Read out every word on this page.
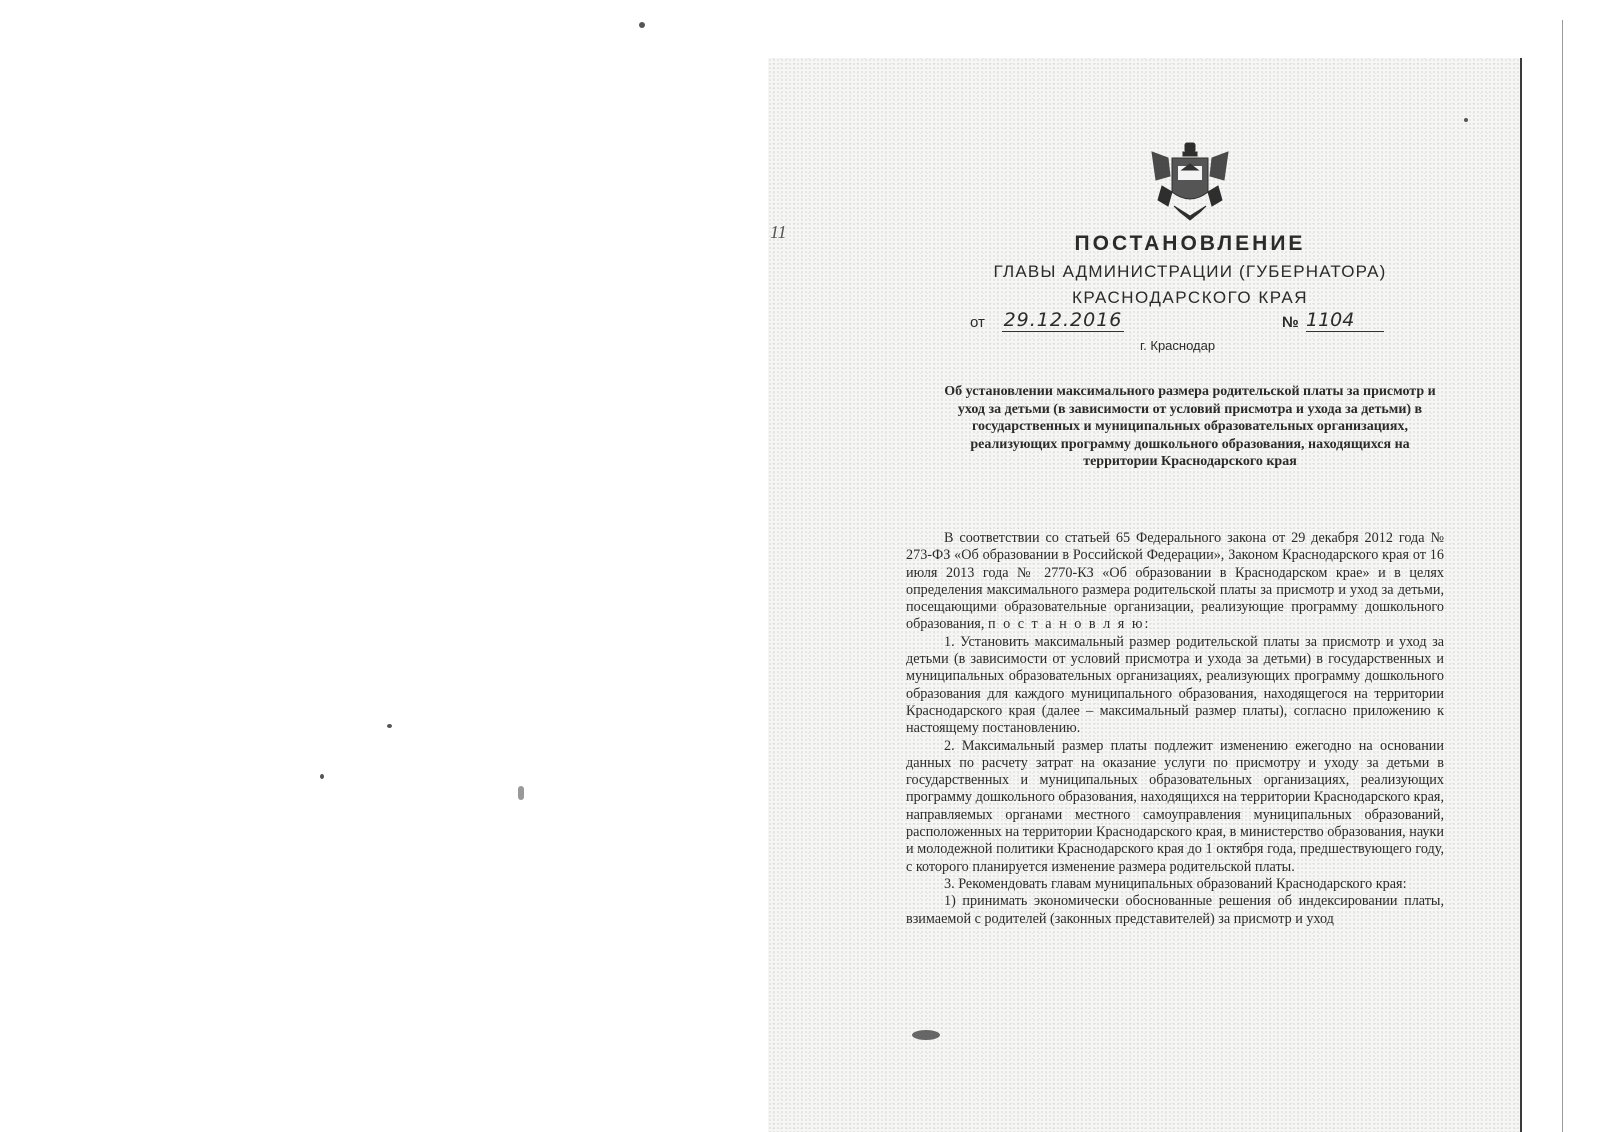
11	ПОСТАНОВЛЕНИЕ

ГЛАВЫ АДМИНИСТРАЦИИ (ГУБЕРНАТОРА)

КРАСНОДАРСКОГО КРАЯ

от 29.12.2016	№ 1104
г. Краснодар

Об установлении максимального размера родительской платы за присмотр и уход за детьми (в зависимости от условий присмотра и ухода за детьми) в государственных и муниципальных образовательных организациях, реализующих программу дошкольного образования, находящихся на территории Краснодарского края

В соответствии со статьей 65 Федерального закона от 29 декабря 2012 года № 273-ФЗ «Об образовании в Российской Федерации», Законом Краснодарского края от 16 июля 2013 года № 2770-КЗ «Об образовании в Краснодарском крае» и в целях определения максимального размера родительской платы за присмотр и уход за детьми, посещающими образовательные организации, реализующие программу дошкольного образования, п о с т а н о в л я ю:

1. Установить максимальный размер родительской платы за присмотр и уход за детьми (в зависимости от условий присмотра и ухода за детьми) в государственных и муниципальных образовательных организациях, реализующих программу дошкольного образования для каждого муниципального образования, находящегося на территории Краснодарского края (далее – максимальный размер платы), согласно приложению к настоящему постановлению.

2. Максимальный размер платы подлежит изменению ежегодно на основании данных по расчету затрат на оказание услуги по присмотру и уходу за детьми в государственных и муниципальных образовательных организациях, реализующих программу дошкольного образования, находящихся на территории Краснодарского края, направляемых органами местного самоуправления муниципальных образований, расположенных на территории Краснодарского края, в министерство образования, науки и молодежной политики Краснодарского края до 1 октября года, предшествующего году, с которого планируется изменение размера родительской платы.

3. Рекомендовать главам муниципальных образований Краснодарского края:

1) принимать экономически обоснованные решения об индексировании платы, взимаемой с родителей (законных представителей) за присмотр и уход
